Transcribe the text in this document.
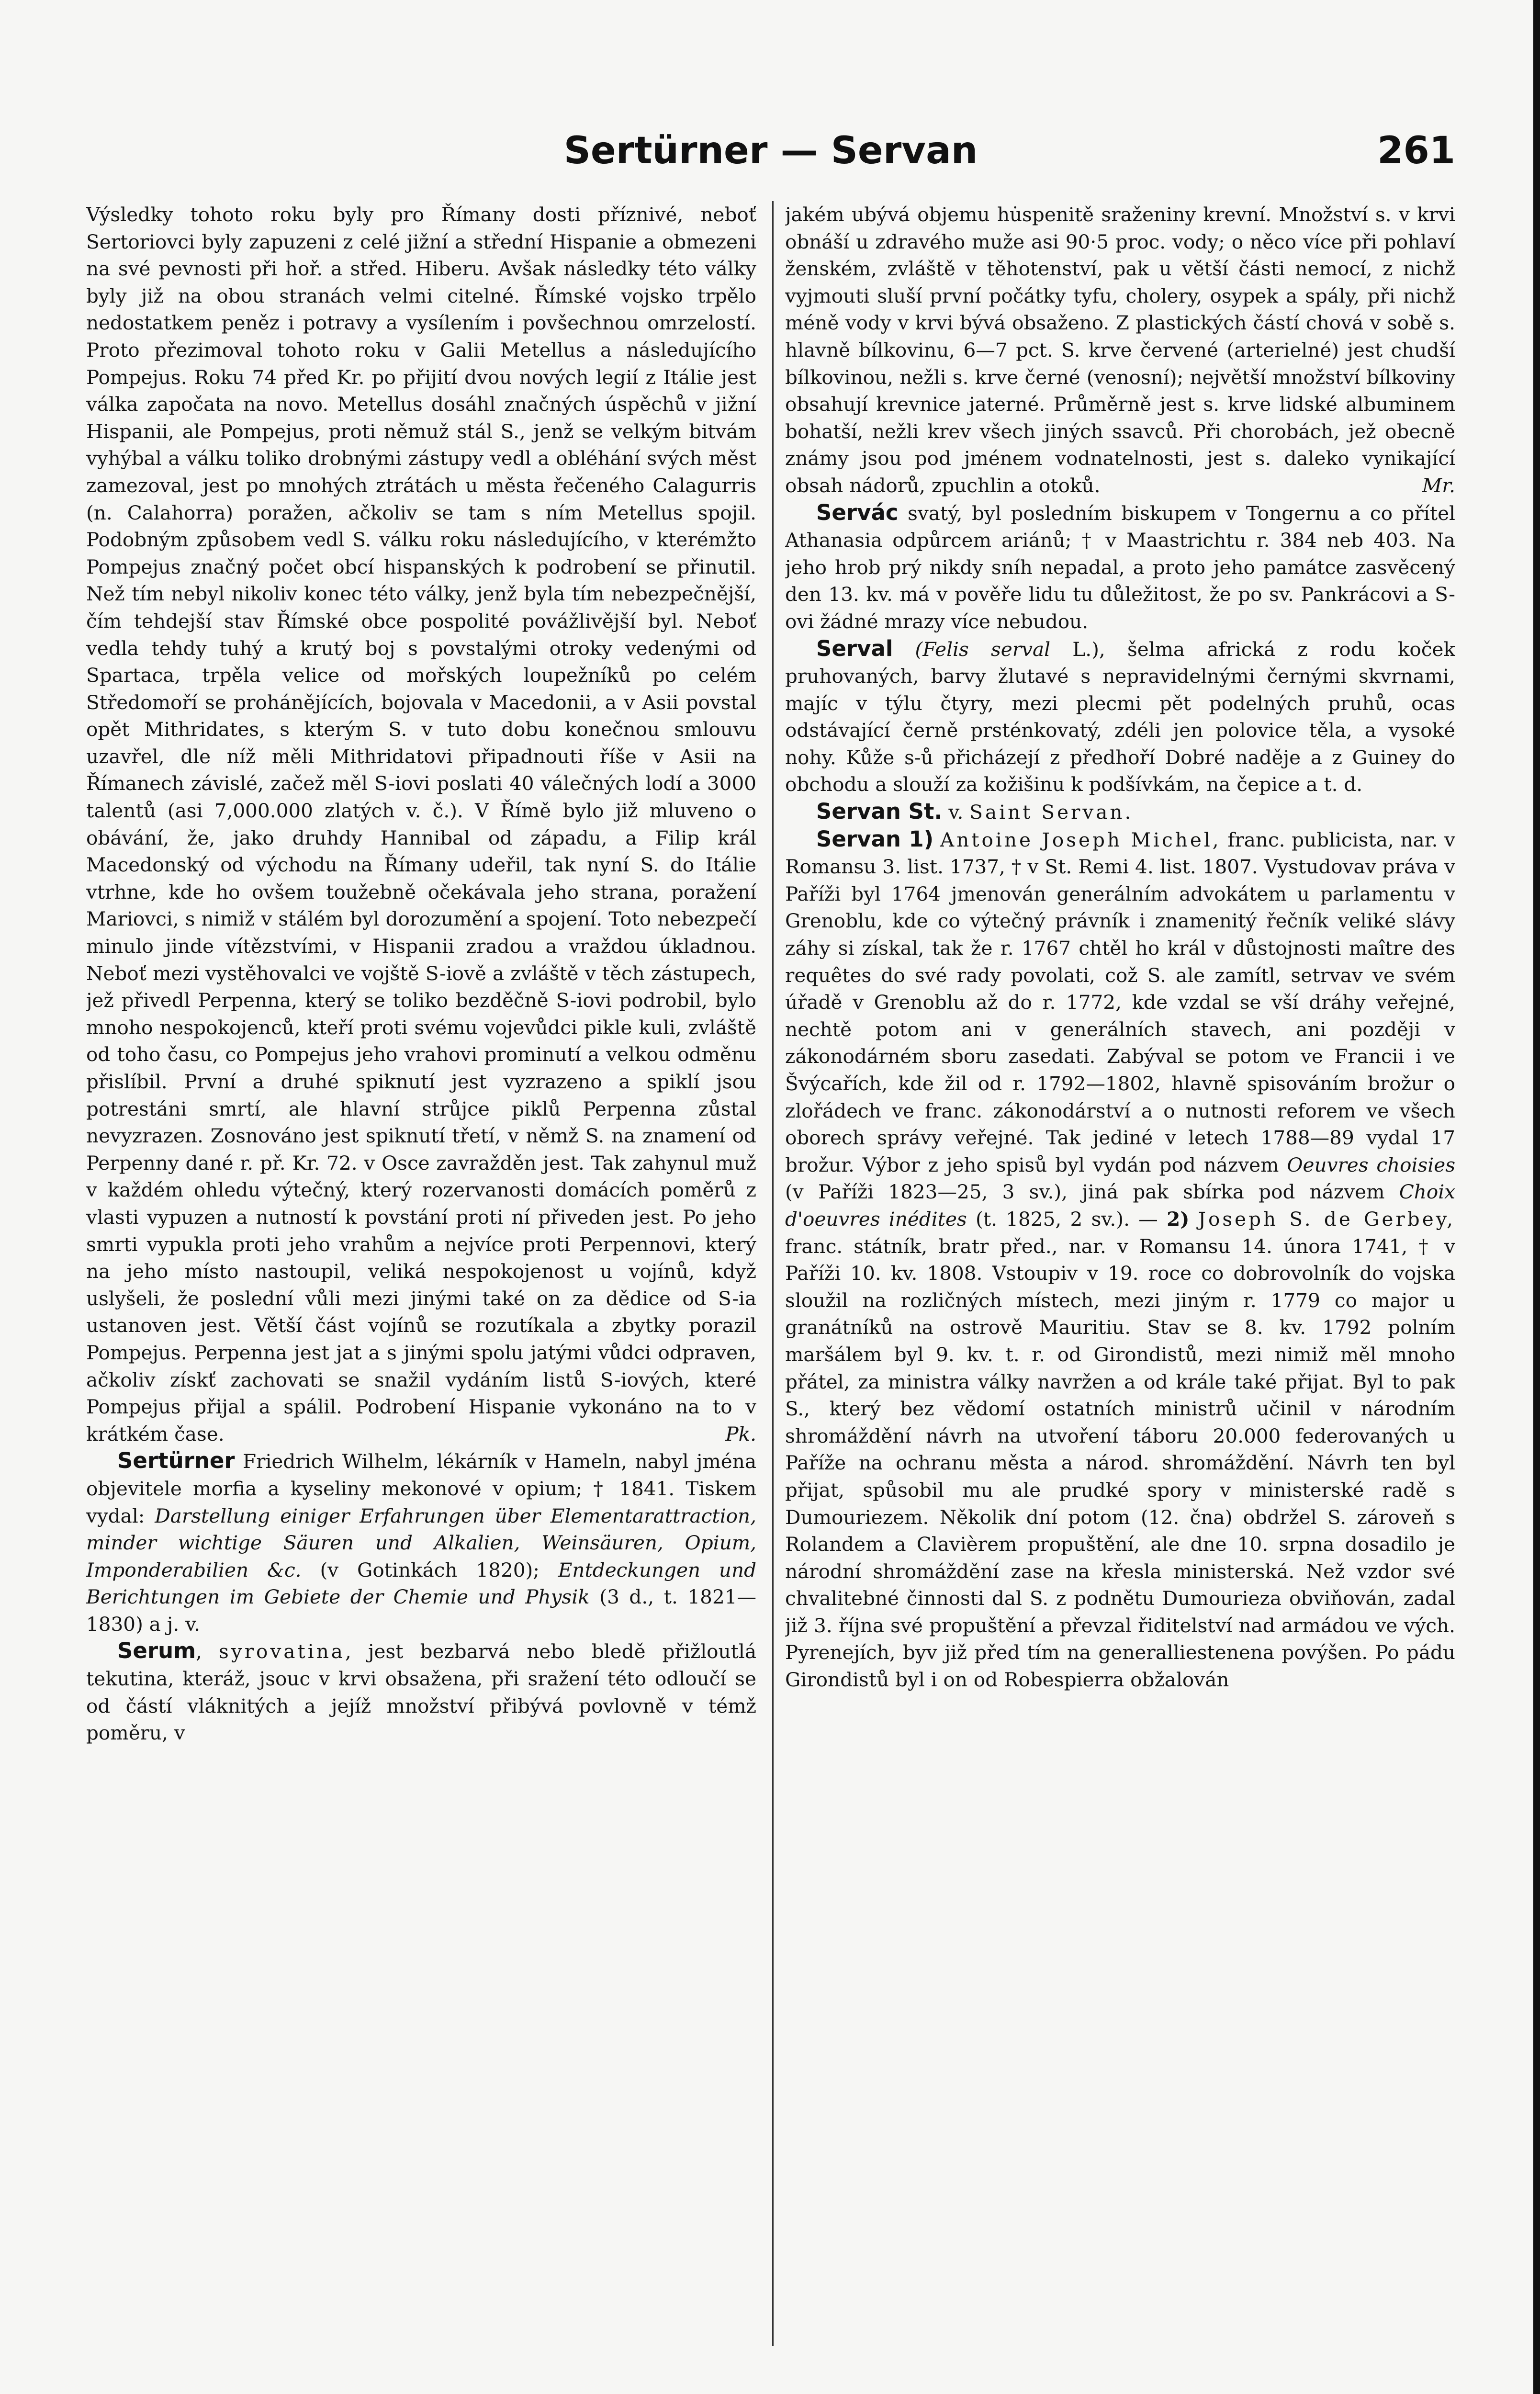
Sertürner — Servan	261

Výsledky tohoto roku byly pro Římany dosti příznivé, neboť Sertoriovci byly zapuzeni z celé jižní a střední Hispanie a obmezeni na své pevnosti při hoř. a střed. Hiberu. Avšak následky této války byly již na obou stranách velmi citelné. Římské vojsko trpělo nedostatkem peněz i potravy a vysílením i povšechnou omrzelostí. Proto přezimoval tohoto roku v Galii Metellus a následujícího Pompejus. Roku 74 před Kr. po přijití dvou nových legií z Itálie jest válka započata na novo. Metellus dosáhl značných úspěchů v jižní Hispanii, ale Pompejus, proti němuž stál S., jenž se velkým bitvám vyhýbal a válku toliko drobnými zástupy vedl a obléhání svých měst zamezoval, jest po mnohých ztrátách u města řečeného Calagurris (n. Calahorra) poražen, ačkoliv se tam s ním Metellus spojil. Podobným způsobem vedl S. válku roku následujícího, v kterémžto Pompejus značný počet obcí hispanských k podrobení se přinutil. Než tím nebyl nikoliv konec této války, jenž byla tím nebezpečnější, čím tehdejší stav Římské obce pospolité povážlivější byl. Neboť vedla tehdy tuhý a krutý boj s povstalými otroky vedenými od Spartaca, trpěla velice od mořských loupežníků po celém Středomoří se prohánějících, bojovala v Macedonii, a v Asii povstal opět Mithridates, s kterým S. v tuto dobu konečnou smlouvu uzavřel, dle níž měli Mithridatovi připadnouti říše v Asii na Římanech závislé, začež měl S-iovi poslati 40 válečných lodí a 3000 talentů (asi 7,000.000 zlatých v. č.). V Římě bylo již mluveno o obávání, že, jako druhdy Hannibal od západu, a Filip král Macedonský od východu na Římany udeřil, tak nyní S. do Itálie vtrhne, kde ho ovšem toužebně očekávala jeho strana, poražení Mariovci, s nimiž v stálém byl dorozumění a spojení. Toto nebezpečí minulo jinde vítězstvími, v Hispanii zradou a vraždou úkladnou. Neboť mezi vystěhovalci ve vojště S-iově a zvláště v těch zástupech, jež přivedl Perpenna, který se toliko bezděčně S-iovi podrobil, bylo mnoho nespokojenců, kteří proti svému vojevůdci pikle kuli, zvláště od toho času, co Pompejus jeho vrahovi prominutí a velkou odměnu přislíbil. První a druhé spiknutí jest vyzrazeno a spiklí jsou potrestáni smrtí, ale hlavní strůjce piklů Perpenna zůstal nevyzrazen. Zosnováno jest spiknutí třetí, v němž S. na znamení od Perpenny dané r. př. Kr. 72. v Osce zavražděn jest. Tak zahynul muž v každém ohledu výtečný, který rozervanosti domácích poměrů z vlasti vypuzen a nutností k povstání proti ní přiveden jest. Po jeho smrti vypukla proti jeho vrahům a nejvíce proti Perpennovi, který na jeho místo nastoupil, veliká nespokojenost u vojínů, když uslyšeli, že poslední vůli mezi jinými také on za dědice od S-ia ustanoven jest. Větší část vojínů se rozutíkala a zbytky porazil Pompejus. Perpenna jest jat a s jinými spolu jatými vůdci odpraven, ačkoliv získť zachovati se snažil vydáním listů S-iových, které Pompejus přijal a spálil. Podrobení Hispanie vykonáno na to v krátkém čase.	Pk.

Sertürner Friedrich Wilhelm, lékárník v Hameln, nabyl jména objevitele morfia a kyseliny mekonové v opium; † 1841. Tiskem vydal: Darstellung einiger Erfahrungen über Elementarattraction, minder wichtige Säuren und Alkalien, Weinsäuren, Opium, Imponderabilien &c. (v Gotinkách 1820); Entdeckungen und Berichtungen im Gebiete der Chemie und Physik (3 d., t. 1821—1830) a j. v.

Serum, syrovatina, jest bezbarvá nebo bledě přižloutlá tekutina, kteráž, jsouc v krvi obsažena, při sražení této odloučí se od částí vláknitých a jejíž množství přibývá povlovně v témž poměru, v

jakém ubývá objemu hu̇spenitě sraženiny krevní. Množství s. v krvi obnáší u zdravého muže asi 90·5 proc. vody; o něco více při pohlaví ženském, zvláště v těhotenství, pak u větší části nemocí, z nichž vyjmouti sluší první počátky tyfu, cholery, osypek a spály, při nichž méně vody v krvi bývá obsaženo. Z plastických částí chová v sobě s. hlavně bílkovinu, 6—7 pct. S. krve červené (arterielné) jest chudší bílkovinou, nežli s. krve černé (venosní); největší množství bílkoviny obsahují krevnice jaterné. Průměrně jest s. krve lidské albuminem bohatší, nežli krev všech jiných ssavců. Při chorobách, jež obecně známy jsou pod jménem vodnatelnosti, jest s. daleko vynikající obsah nádorů, zpuchlin a otoků.	Mr.

Servác svatý, byl posledním biskupem v Tongernu a co přítel Athanasia odpůrcem ariánů; † v Maastrichtu r. 384 neb 403. Na jeho hrob prý nikdy sníh nepadal, a proto jeho památce zasvěcený den 13. kv. má v pověře lidu tu důležitost, že po sv. Pankrácovi a S-ovi žádné mrazy více nebudou.

Serval (Felis serval L.), šelma africká z rodu koček pruhovaných, barvy žlutavé s nepravidelnými černými skvrnami, majíc v týlu čtyry, mezi plecmi pět podelných pruhů, ocas odstávající černě prsténkovatý, zdéli jen polovice těla, a vysoké nohy. Kůže s-ů přicházejí z předhoří Dobré naděje a z Guiney do obchodu a slouží za kožišinu k podšívkám, na čepice a t. d.

Servan St. v. Saint Servan.

Servan 1) Antoine Joseph Michel, franc. publicista, nar. v Romansu 3. list. 1737, † v St. Remi 4. list. 1807. Vystudovav práva v Paříži byl 1764 jmenován generálním advokátem u parlamentu v Grenoblu, kde co výtečný právník i znamenitý řečník veliké slávy záhy si získal, tak že r. 1767 chtěl ho král v důstojnosti maître des requêtes do své rady povolati, což S. ale zamítl, setrvav ve svém úřadě v Grenoblu až do r. 1772, kde vzdal se vší dráhy veřejné, nechtě potom ani v generálních stavech, ani později v zákonodárném sboru zasedati. Zabýval se potom ve Francii i ve Švýcařích, kde žil od r. 1792—1802, hlavně spisováním brožur o zlořádech ve franc. zákonodárství a o nutnosti reforem ve všech oborech správy veřejné. Tak jediné v letech 1788—89 vydal 17 brožur. Výbor z jeho spisů byl vydán pod názvem Oeuvres choisies (v Paříži 1823—25, 3 sv.), jiná pak sbírka pod názvem Choix d'oeuvres inédites (t. 1825, 2 sv.). — 2) Joseph S. de Gerbey, franc. státník, bratr před., nar. v Romansu 14. února 1741, † v Paříži 10. kv. 1808. Vstoupiv v 19. roce co dobrovolník do vojska sloužil na rozličných místech, mezi jiným r. 1779 co major u granátníků na ostrově Mauritiu. Stav se 8. kv. 1792 polním maršálem byl 9. kv. t. r. od Girondistů, mezi nimiž měl mnoho přátel, za ministra války navržen a od krále také přijat. Byl to pak S., který bez vědomí ostatních ministrů učinil v národním shromáždění návrh na utvoření táboru 20.000 federovaných u Paříže na ochranu města a národ. shromáždění. Návrh ten byl přijat, spůsobil mu ale prudké spory v ministerské radě s Dumouriezem. Několik dní potom (12. čna) obdržel S. zároveň s Rolandem a Clavièrem propuštění, ale dne 10. srpna dosadilo je národní shromáždění zase na křesla ministerská. Než vzdor své chvalitebné činnosti dal S. z podnětu Dumourieza obviňován, zadal již 3. října své propuštění a převzal řiditelství nad armádou ve vých. Pyrenejích, byv již před tím na generalliestenena povýšen. Po pádu Girondistů byl i on od Robespierra obžalován
